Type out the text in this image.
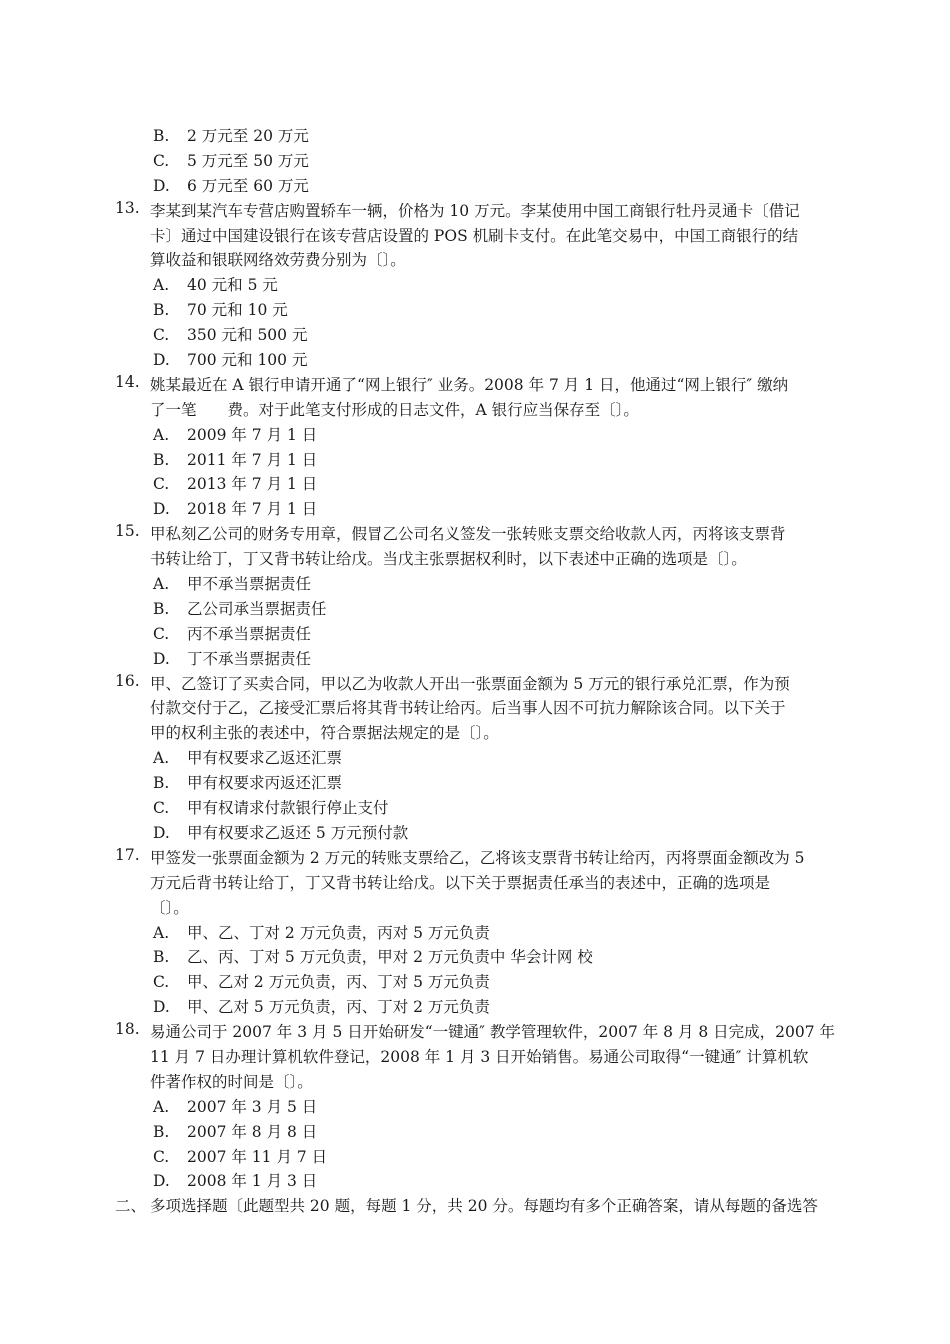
B. 2 万元至 20 万元
C. 5 万元至 50 万元
D. 6 万元至 60 万元
13. 李某到某汽车专营店购置轿车一辆，价格为 10 万元。李某使用中国工商银行牡丹灵通卡〔借记
卡〕通过中国建设银行在该专营店设置的 POS 机刷卡支付。在此笔交易中，中国工商银行的结
算收益和银联网络效劳费分别为〔〕。
A. 40 元和 5 元
B. 70 元和 10 元
C. 350 元和 500 元
D. 700 元和 100 元
14. 姚某最近在 A 银行申请开通了“网上银行″ 业务。2008 年 7 月 1 日，他通过“网上银行″ 缴纳
了一笔　　费。对于此笔支付形成的日志文件，A 银行应当保存至〔〕。
A. 2009 年 7 月 1 日
B. 2011 年 7 月 1 日
C. 2013 年 7 月 1 日
D. 2018 年 7 月 1 日
15. 甲私刻乙公司的财务专用章，假冒乙公司名义签发一张转账支票交给收款人丙，丙将该支票背
书转让给丁，丁又背书转让给戊。当戊主张票据权利时，以下表述中正确的选项是〔〕。
A. 甲不承当票据责任
B. 乙公司承当票据责任
C. 丙不承当票据责任
D. 丁不承当票据责任
16. 甲、乙签订了买卖合同，甲以乙为收款人开出一张票面金额为 5 万元的银行承兑汇票，作为预
付款交付于乙，乙接受汇票后将其背书转让给丙。后当事人因不可抗力解除该合同。以下关于
甲的权利主张的表述中，符合票据法规定的是〔〕。
A. 甲有权要求乙返还汇票
B. 甲有权要求丙返还汇票
C. 甲有权请求付款银行停止支付
D. 甲有权要求乙返还 5 万元预付款
17. 甲签发一张票面金额为 2 万元的转账支票给乙，乙将该支票背书转让给丙，丙将票面金额改为 5
万元后背书转让给丁，丁又背书转让给戊。以下关于票据责任承当的表述中，正确的选项是
〔〕。
A. 甲、乙、丁对 2 万元负责，丙对 5 万元负责
B. 乙、丙、丁对 5 万元负责，甲对 2 万元负责中 华会计网 校
C. 甲、乙对 2 万元负责，丙、丁对 5 万元负责
D. 甲、乙对 5 万元负责，丙、丁对 2 万元负责
18. 易通公司于 2007 年 3 月 5 日开始研发“一键通″ 教学管理软件，2007 年 8 月 8 日完成，2007 年
11 月 7 日办理计算机软件登记，2008 年 1 月 3 日开始销售。易通公司取得“一键通″ 计算机软
件著作权的时间是〔〕。
A. 2007 年 3 月 5 日
B. 2007 年 8 月 8 日
C. 2007 年 11 月 7 日
D. 2008 年 1 月 3 日
二、 多项选择题〔此题型共 20 题，每题 1 分，共 20 分。每题均有多个正确答案，请从每题的备选答
